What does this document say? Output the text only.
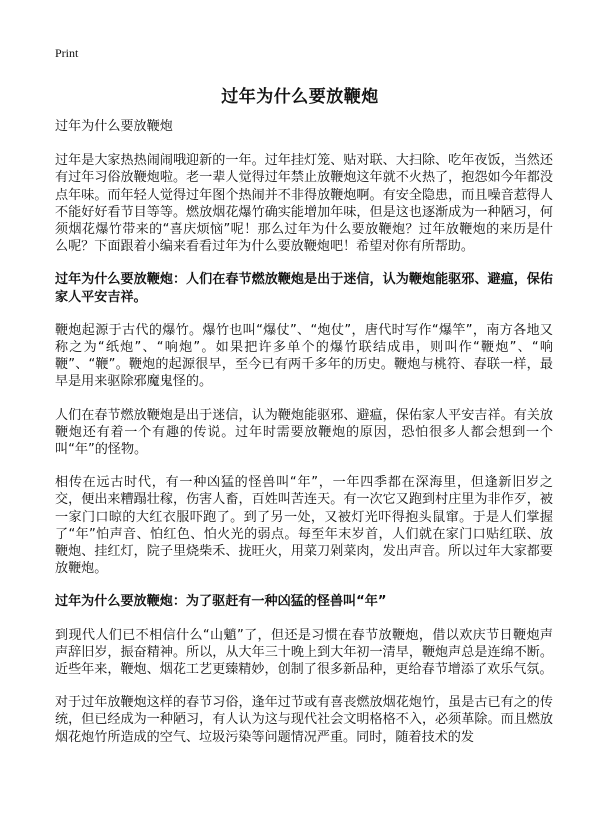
Print
过年为什么要放鞭炮

过年为什么要放鞭炮

过年是大家热热闹闹哦迎新的一年。过年挂灯笼、贴对联、大扫除、吃年夜饭，当然还有过年习俗放鞭炮啦。老一辈人觉得过年禁止放鞭炮这年就不火热了，抱怨如今年都没点年味。而年轻人觉得过年图个热闹并不非得放鞭炮啊。有安全隐患，而且噪音惹得人不能好好看节目等等。燃放烟花爆竹确实能增加年味，但是这也逐渐成为一种陋习，何须烟花爆竹带来的“喜庆烦恼”呢！那么过年为什么要放鞭炮？过年放鞭炮的来历是什么呢？下面跟着小编来看看过年为什么要放鞭炮吧！希望对你有所帮助。

过年为什么要放鞭炮：人们在春节燃放鞭炮是出于迷信，认为鞭炮能驱邪、避瘟，保佑家人平安吉祥。

鞭炮起源于古代的爆竹。爆竹也叫“爆仗”、“炮仗”，唐代时写作“爆竿”，南方各地又称之为“纸炮”、“响炮”。如果把许多单个的爆竹联结成串，则叫作“鞭炮”、“响鞭”、“鞭”。鞭炮的起源很早，至今已有两千多年的历史。鞭炮与桃符、春联一样，最早是用来驱除邪魔鬼怪的。

人们在春节燃放鞭炮是出于迷信，认为鞭炮能驱邪、避瘟，保佑家人平安吉祥。有关放鞭炮还有着一个有趣的传说。过年时需要放鞭炮的原因，恐怕很多人都会想到一个叫“年”的怪物。

相传在远古时代，有一种凶猛的怪兽叫“年”，一年四季都在深海里，但逢新旧岁之交，便出来糟蹋壮稼，伤害人畜，百姓叫苦连天。有一次它又跑到村庄里为非作歹，被一家门口晾的大红衣服吓跑了。到了另一处，又被灯光吓得抱头鼠窜。于是人们掌握了“年”怕声音、怕红色、怕火光的弱点。每至年末岁首，人们就在家门口贴红联、放鞭炮、挂红灯，院子里烧柴禾、拢旺火，用菜刀剁菜肉，发出声音。所以过年大家都要放鞭炮。

过年为什么要放鞭炮：为了驱赶有一种凶猛的怪兽叫“年”

到现代人们已不相信什么“山魈”了，但还是习惯在春节放鞭炮，借以欢庆节日鞭炮声声辞旧岁，振奋精神。所以，从大年三十晚上到大年初一清早，鞭炮声总是连绵不断。近些年来，鞭炮、烟花工艺更臻精妙，创制了很多新品种，更给春节增添了欢乐气氛。

对于过年放鞭炮这样的春节习俗，逢年过节或有喜丧燃放烟花炮竹，虽是古已有之的传统，但已经成为一种陋习，有人认为这与现代社会文明格格不入，必须革除。而且燃放烟花炮竹所造成的空气、垃圾污染等问题情况严重。同时，随着技术的发
